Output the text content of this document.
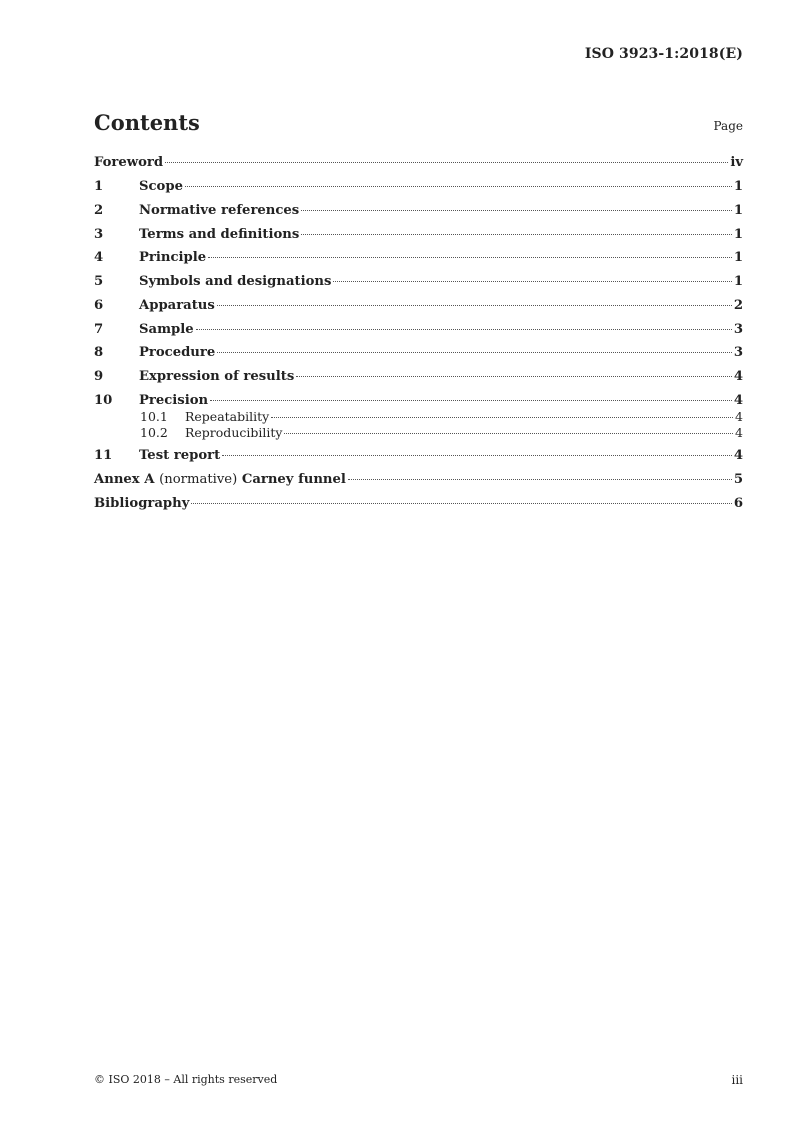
ISO 3923-1:2018(E)
Contents	Page
Foreword	iv
1	Scope	1
2	Normative references	1
3	Terms and definitions	1
4	Principle	1
5	Symbols and designations	1
6	Apparatus	2
7	Sample	3
8	Procedure	3
9	Expression of results	4
10	Precision	4
10.1	Repeatability	4
10.2	Reproducibility	4
11	Test report	4
Annex A (normative) Carney funnel	5
Bibliography	6
© ISO 2018 – All rights reserved	iii
